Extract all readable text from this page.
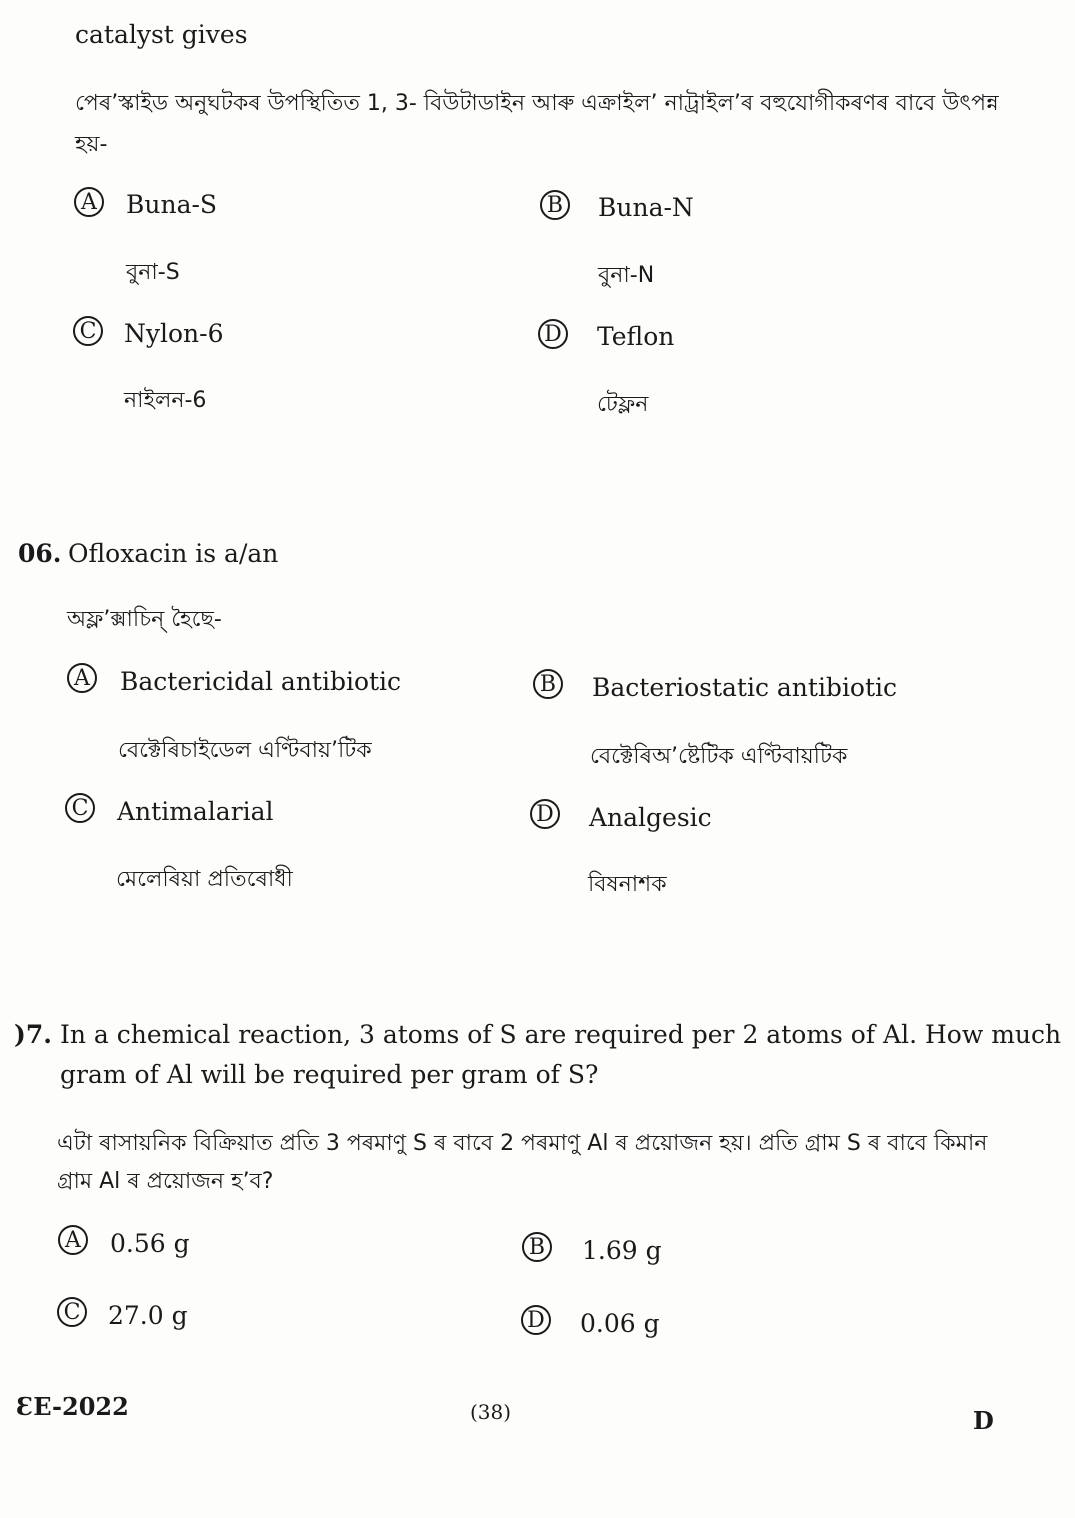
catalyst gives
পেৰ’স্কাইড অনুঘটকৰ উপস্থিতিত 1, 3- বিউটাডাইন আৰু এক্ৰাইল’ নাট্ৰাইল’ৰ বহুযোগীকৰণৰ বাবে উৎপন্ন
হয়-
A Buna-S
বুনা-S
B Buna-N
বুনা-N
C Nylon-6
নাইলন-6
D Teflon
টেফ্লন
06. Ofloxacin is a/an
অফ্ল’ক্সাচিন্ হৈছে-
A Bactericidal antibiotic
বেক্টেৰিচাইডেল এণ্টিবায়’টিক
B Bacteriostatic antibiotic
বেক্টেৰিঅ’ষ্টেটিক এণ্টিবায়টিক
C Antimalarial
মেলেৰিয়া প্ৰতিৰোধী
D Analgesic
বিষনাশক
)7. In a chemical reaction, 3 atoms of S are required per 2 atoms of Al. How much
gram of Al will be required per gram of S?
এটা ৰাসায়নিক বিক্ৰিয়াত প্ৰতি 3 পৰমাণু S ৰ বাবে 2 পৰমাণু Al ৰ প্ৰয়োজন হয়। প্ৰতি গ্ৰাম S ৰ বাবে কিমান
গ্ৰাম Al ৰ প্ৰয়োজন হ’ব?
A 0.56 g	B 1.69 g
C 27.0 g	D 0.06 g
ƐE-2022	(38)	D
